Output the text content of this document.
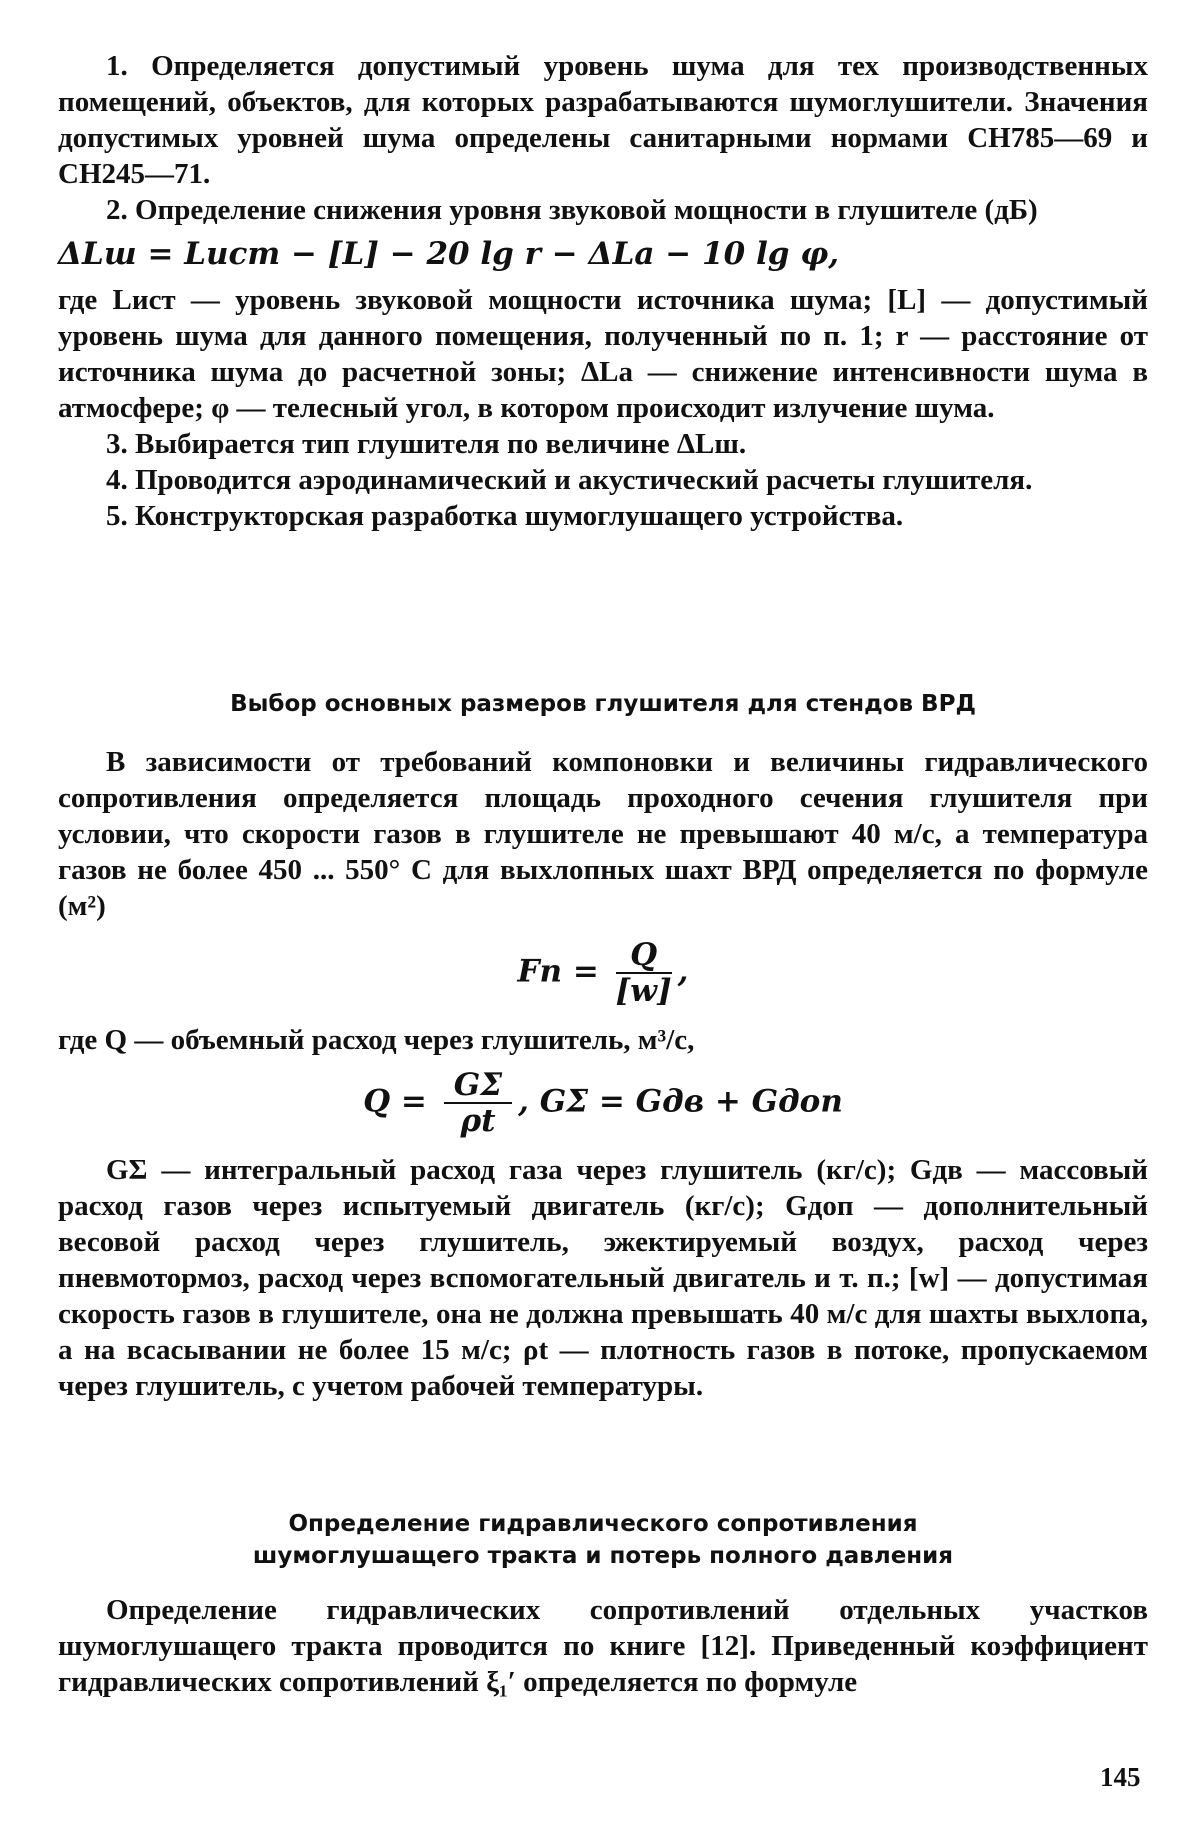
1. Определяется допустимый уровень шума для тех производственных помещений, объектов, для которых разрабатываются шумоглушители. Значения допустимых уровней шума определены санитарными нормами СН785—69 и СН245—71.

2. Определение снижения уровня звуковой мощности в глушителе (дБ)

ΔLш = Lист − [L] − 20 lg r − ΔLа − 10 lg φ,

где Lист — уровень звуковой мощности источника шума; [L] — допустимый уровень шума для данного помещения, полученный по п. 1; r — расстояние от источника шума до расчетной зоны; ΔLа — снижение интенсивности шума в атмосфере; φ — телесный угол, в котором происходит излучение шума.

3. Выбирается тип глушителя по величине ΔLш.

4. Проводится аэродинамический и акустический расчеты глушителя.

5. Конструкторская разработка шумоглушащего устройства.

Выбор основных размеров глушителя для стендов ВРД

В зависимости от требований компоновки и величины гидравлического сопротивления определяется площадь проходного сечения глушителя при условии, что скорости газов в глушителе не превышают 40 м/с, а температура газов не более 450 ... 550° С для выхлопных шахт ВРД определяется по формуле (м²)

Fп = $\frac{Q}{[w]}$ ,

где Q — объемный расход через глушитель, м³/с,

$Q = \frac{G\Sigma}{\rho t}$ , GΣ = Gдв + Gдоп

GΣ — интегральный расход газа через глушитель (кг/с); Gдв — массовый расход газов через испытуемый двигатель (кг/с); Gдоп — дополнительный весовой расход через глушитель, эжектируемый воздух, расход через пневмотормоз, расход через вспомогательный двигатель и т. п.; [w] — допустимая скорость газов в глушителе, она не должна превышать 40 м/с для шахты выхлопа, а на всасывании не более 15 м/с; ρt — плотность газов в потоке, пропускаемом через глушитель, с учетом рабочей температуры.

Определение гидравлического сопротивления
шумоглушащего тракта и потерь полного давления

Определение гидравлических сопротивлений отдельных участков шумоглушащего тракта проводится по книге [12]. Приведенный коэффициент гидравлических сопротивлений ξ₁′ определяется по формуле

145
